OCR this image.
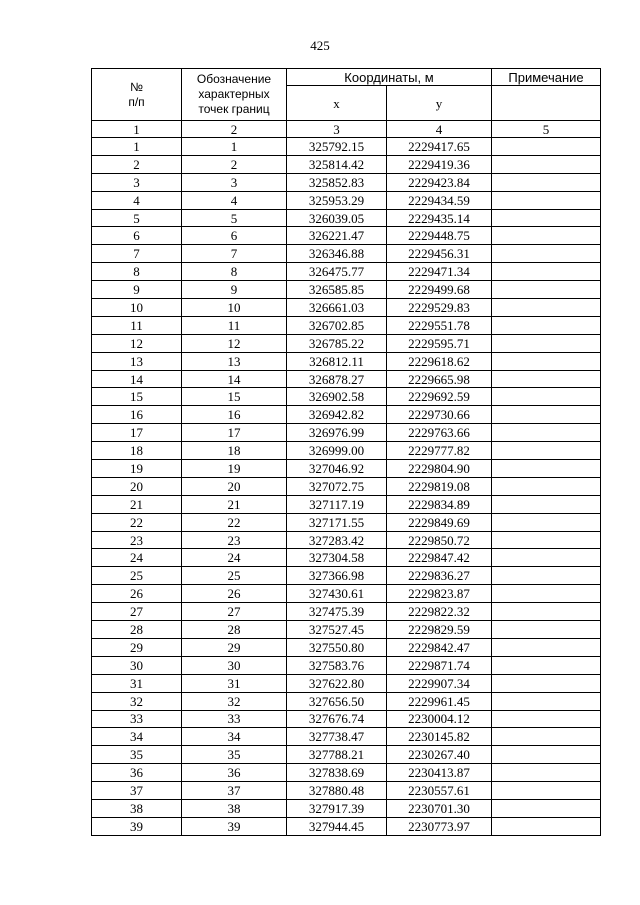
425
№
п/п	Обозначение характерных точек границ	Координаты, м		Примечание
		x	y	
1	2	3	4	5
1	1	325792.15	2229417.65	
2	2	325814.42	2229419.36	
3	3	325852.83	2229423.84	
4	4	325953.29	2229434.59	
5	5	326039.05	2229435.14	
6	6	326221.47	2229448.75	
7	7	326346.88	2229456.31	
8	8	326475.77	2229471.34	
9	9	326585.85	2229499.68	
10	10	326661.03	2229529.83	
11	11	326702.85	2229551.78	
12	12	326785.22	2229595.71	
13	13	326812.11	2229618.62	
14	14	326878.27	2229665.98	
15	15	326902.58	2229692.59	
16	16	326942.82	2229730.66	
17	17	326976.99	2229763.66	
18	18	326999.00	2229777.82	
19	19	327046.92	2229804.90	
20	20	327072.75	2229819.08	
21	21	327117.19	2229834.89	
22	22	327171.55	2229849.69	
23	23	327283.42	2229850.72	
24	24	327304.58	2229847.42	
25	25	327366.98	2229836.27	
26	26	327430.61	2229823.87	
27	27	327475.39	2229822.32	
28	28	327527.45	2229829.59	
29	29	327550.80	2229842.47	
30	30	327583.76	2229871.74	
31	31	327622.80	2229907.34	
32	32	327656.50	2229961.45	
33	33	327676.74	2230004.12	
34	34	327738.47	2230145.82	
35	35	327788.21	2230267.40	
36	36	327838.69	2230413.87	
37	37	327880.48	2230557.61	
38	38	327917.39	2230701.30	
39	39	327944.45	2230773.97	
